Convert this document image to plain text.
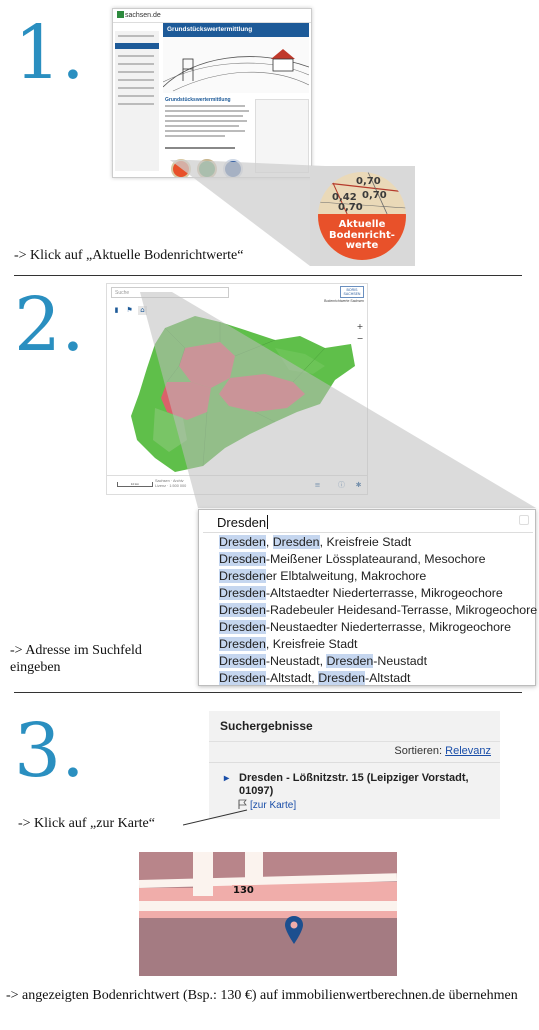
1.	sachsen.de
Grundstückswertermittlung
Grundstückswertermittlung
0,70
0,42 0,70
0,70
Aktuelle
Bodenricht-
werte
-> Klick auf „Aktuelle Bodenrichtwerte“
2.	Suche	BORIS
SACHSEN
Bodenrichtwerte Sachsen
▮	⚑	⌂
+
−
10 km
Sachsen · Archiv
Lizenz · 1:500 000
Dresden
Dresden, Dresden, Kreisfreie Stadt
Dresden-Meißener Lössplateaurand, Mesochore
Dresdener Elbtalweitung, Makrochore
Dresden-Altstaedter Niederterrasse, Mikrogeochore
Dresden-Radebeuler Heidesand-Terrasse, Mikrogeochore
Dresden-Neustaedter Niederterrasse, Mikrogeochore
Dresden, Kreisfreie Stadt
Dresden-Neustadt, Dresden-Neustadt
Dresden-Altstadt, Dresden-Altstadt
-> Adresse im Suchfeld
eingeben
3.	Suchergebnisse
Sortieren: Relevanz
▸ Dresden - Lößnitzstr. 15 (Leipziger Vorstadt, 01097)
[zur Karte]
-> Klick auf „zur Karte“
130
-> angezeigten Bodenrichtwert (Bsp.: 130 €) auf immobilienwertberechnen.de übernehmen
